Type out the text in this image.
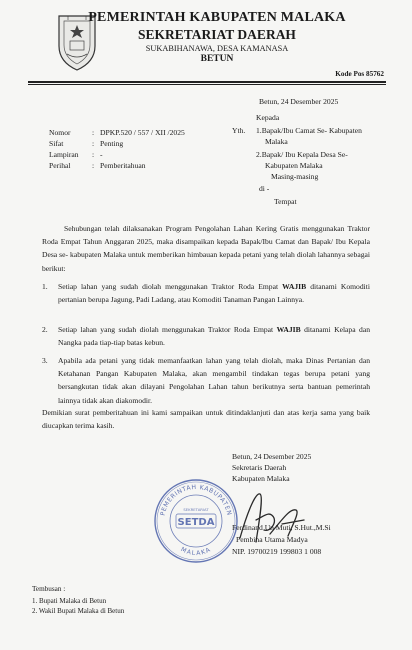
PEMERINTAH KABUPATEN MALAKA
SEKRETARIAT DAERAH
SUKABIHANAWA, DESA KAMANASA
BETUN
Kode Pos 85762
Betun, 24 Desember 2025
Nomor	: DPKP.520 / 557 / XII /2025
Sifat	: Penting
Lampiran : -
Perihal	: Pemberitahuan
Kepada
Yth. 1.Bapak/Ibu Camat Se- Kabupaten
Malaka
2.Bapak/ Ibu Kepala Desa Se-
Kabupaten Malaka
Masing-masing
di -
Tempat
Sehubungan telah dilaksanakan Program Pengolahan Lahan Kering Gratis menggunakan Traktor Roda Empat Tahun Anggaran 2025, maka disampaikan kepada Bapak/Ibu Camat dan Bapak/ Ibu Kepala Desa se- kabupaten Malaka untuk memberikan himbauan kepada petani yang telah diolah lahannya sebagai berikut:
1.	Setiap lahan yang sudah diolah menggunakan Traktor Roda Empat WAJIB ditanami Komoditi pertanian berupa Jagung, Padi Ladang, atau Komoditi Tanaman Pangan Lainnya.
2.	Setiap lahan yang sudah diolah menggunakan Traktor Roda Empat WAJIB ditanami Kelapa dan Nangka pada tiap-tiap batas kebun.
3.	Apabila ada petani yang tidak memanfaatkan lahan yang telah diolah, maka Dinas Pertanian dan Ketahanan Pangan Kabupaten Malaka, akan mengambil tindakan tegas berupa petani yang bersangkutan tidak akan dilayani Pengolahan Lahan tahun berikutnya serta bantuan pemerintah lainnya tidak akan diakomodir.
Demikian surat pemberitahuan ini kami sampaikan untuk ditindaklanjuti dan atas kerja sama yang baik diucapkan terima kasih.
Betun, 24 Desember 2025
Sekretaris Daerah
Kabupaten Malaka
PEMERINTAH KABUPATEN
MALAKA
SETDA
SEKRETARIAT
Ferdinand Un Muti, S.Hut.,M.Si
Pembina Utama Madya
NIP. 19700219 199803 1 008
Tembusan :
1. Bupati Malaka di Betun
2. Wakil Bupati Malaka di Betun
